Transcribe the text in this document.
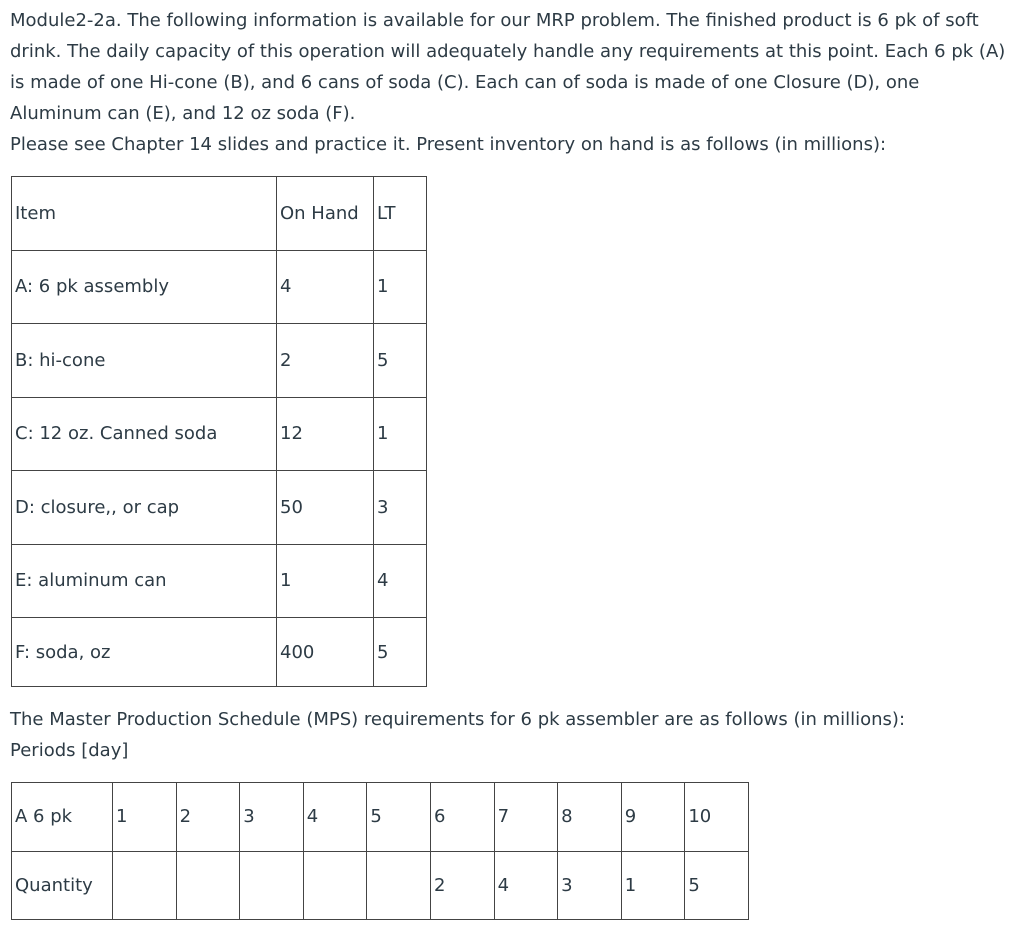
Module2-2a. The following information is available for our MRP problem. The finished product is 6 pk of soft
drink. The daily capacity of this operation will adequately handle any requirements at this point. Each 6 pk (A)
is made of one Hi-cone (B), and 6 cans of soda (C). Each can of soda is made of one Closure (D), one
Aluminum can (E), and 12 oz soda (F).
Please see Chapter 14 slides and practice it. Present inventory on hand is as follows (in millions):

Item	On Hand	LT
A: 6 pk assembly	4	1
B: hi-cone	2	5
C: 12 oz. Canned soda	12	1
D: closure,, or cap	50	3
E: aluminum can	1	4
F: soda, oz	400	5

The Master Production Schedule (MPS) requirements for 6 pk assembler are as follows (in millions):
Periods [day]

A 6 pk	1	2	3	4	5	6	7	8	9	10
Quantity						2	4	3	1	5
